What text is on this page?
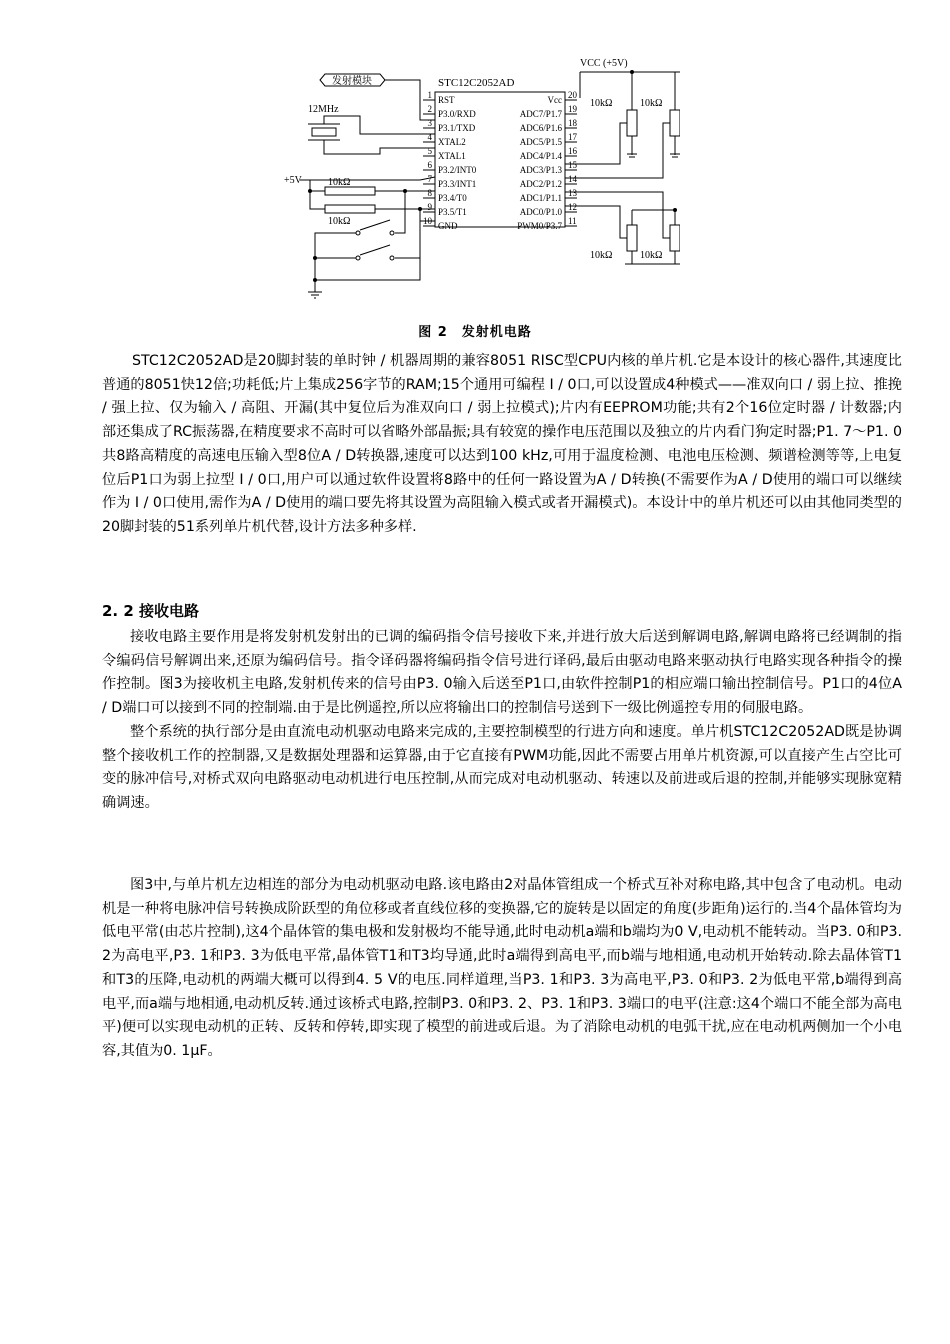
STC12C2052AD
VCC (+5V)
+5V
12MHz
发射模块
10kΩ	10kΩ
10kΩ	10kΩ
10kΩ
10kΩ
1 RST
2 P3.0/RXD
3 P3.1/TXD
4 XTAL2
5 XTAL1
6 P3.2/INT0
7 P3.3/INT1
8 P3.4/T0
9 P3.5/T1
10 GND
20
Vcc
19
ADC7/P1.7
18
ADC6/P1.6
17
ADC5/P1.5
16
ADC4/P1.4
15
ADC3/P1.3
14
ADC2/P1.2
13
ADC1/P1.1
12
ADC0/P1.0
11
PWM0/P3.7
图 2　发射机电路

STC12C2052AD是20脚封装的单时钟 / 机器周期的兼容8051 RISC型CPU内核的单片机.它是本设计的核心器件,其速度比普通的8051快12倍;功耗低;片上集成256字节的RAM;15个通用可编程 I / 0口,可以设置成4种模式——准双向口 / 弱上拉、推挽 / 强上拉、仅为输入 / 高阻、开漏(其中复位后为准双向口 / 弱上拉模式);片内有EEPROM功能;共有2个16位定时器 / 计数器;内部还集成了RC振荡器,在精度要求不高时可以省略外部晶振;具有较宽的操作电压范围以及独立的片内看门狗定时器;P1. 7～P1. 0共8路高精度的高速电压输入型8位A / D转换器,速度可以达到100 kHz,可用于温度检测、电池电压检测、频谱检测等等,上电复位后P1口为弱上拉型 I / 0口,用户可以通过软件设置将8路中的任何一路设置为A / D转换(不需要作为A / D使用的端口可以继续作为 I / 0口使用,需作为A / D使用的端口要先将其设置为高阻输入模式或者开漏模式)。本设计中的单片机还可以由其他同类型的20脚封装的51系列单片机代替,设计方法多种多样.

2. 2 接收电路

接收电路主要作用是将发射机发射出的已调的编码指令信号接收下来,并进行放大后送到解调电路,解调电路将已经调制的指令编码信号解调出来,还原为编码信号。指令译码器将编码指令信号进行译码,最后由驱动电路来驱动执行电路实现各种指令的操作控制。图3为接收机主电路,发射机传来的信号由P3. 0输入后送至P1口,由软件控制P1的相应端口输出控制信号。P1口的4位A / D端口可以接到不同的控制端.由于是比例遥控,所以应将输出口的控制信号送到下一级比例遥控专用的伺服电路。

整个系统的执行部分是由直流电动机驱动电路来完成的,主要控制模型的行进方向和速度。单片机STC12C2052AD既是协调整个接收机工作的控制器,又是数据处理器和运算器,由于它直接有PWM功能,因此不需要占用单片机资源,可以直接产生占空比可变的脉冲信号,对桥式双向电路驱动电动机进行电压控制,从而完成对电动机驱动、转速以及前进或后退的控制,并能够实现脉宽精确调速。

图3中,与单片机左边相连的部分为电动机驱动电路.该电路由2对晶体管组成一个桥式互补对称电路,其中包含了电动机。电动机是一种将电脉冲信号转换成阶跃型的角位移或者直线位移的变换器,它的旋转是以固定的角度(步距角)运行的.当4个晶体管均为低电平常(由芯片控制),这4个晶体管的集电极和发射极均不能导通,此时电动机a端和b端均为0 V,电动机不能转动。当P3. 0和P3. 2为高电平,P3. 1和P3. 3为低电平常,晶体管T1和T3均导通,此时a端得到高电平,而b端与地相通,电动机开始转动.除去晶体管T1和T3的压降,电动机的两端大概可以得到4. 5 V的电压.同样道理,当P3. 1和P3. 3为高电平,P3. 0和P3. 2为低电平常,b端得到高电平,而a端与地相通,电动机反转.通过该桥式电路,控制P3. 0和P3. 2、P3. 1和P3. 3端口的电平(注意:这4个端口不能全部为高电平)便可以实现电动机的正转、反转和停转,即实现了模型的前进或后退。为了消除电动机的电弧干扰,应在电动机两侧加一个小电容,其值为0. 1μF。
